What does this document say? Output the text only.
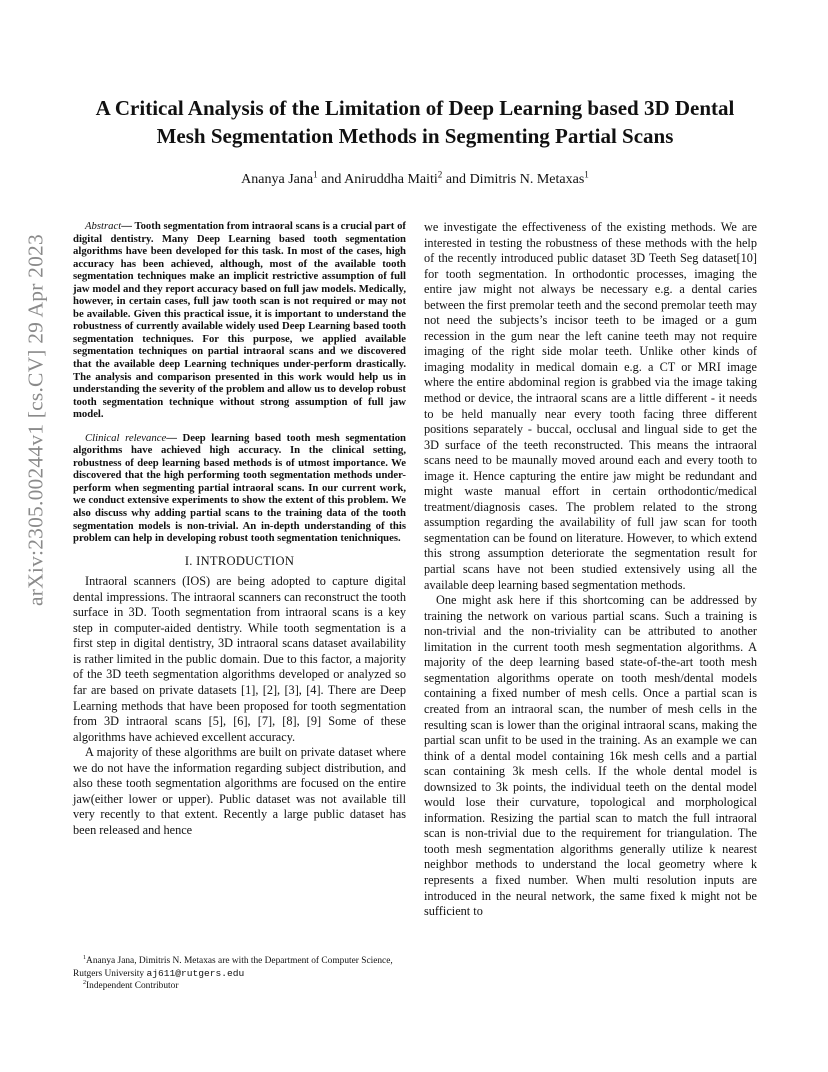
arXiv:2305.00244v1 [cs.CV] 29 Apr 2023
A Critical Analysis of the Limitation of Deep Learning based 3D Dental Mesh Segmentation Methods in Segmenting Partial Scans
Ananya Jana$^1$ and Aniruddha Maiti$^2$ and Dimitris N. Metaxas$^1$

Abstract— Tooth segmentation from intraoral scans is a crucial part of digital dentistry. Many Deep Learning based tooth segmentation algorithms have been developed for this task. In most of the cases, high accuracy has been achieved, although, most of the available tooth segmentation techniques make an implicit restrictive assumption of full jaw model and they report accuracy based on full jaw models. Medically, however, in certain cases, full jaw tooth scan is not required or may not be available. Given this practical issue, it is important to understand the robustness of currently available widely used Deep Learning based tooth segmentation techniques. For this purpose, we applied available segmentation techniques on partial intraoral scans and we discovered that the available deep Learning techniques under-perform drastically. The analysis and comparison presented in this work would help us in understanding the severity of the problem and allow us to develop robust tooth segmentation technique without strong assumption of full jaw model.

Clinical relevance— Deep learning based tooth mesh segmentation algorithms have achieved high accuracy. In the clinical setting, robustness of deep learning based methods is of utmost importance. We discovered that the high performing tooth segmentation methods under-perform when segmenting partial intraoral scans. In our current work, we conduct extensive experiments to show the extent of this problem. We also discuss why adding partial scans to the training data of the tooth segmentation models is non-trivial. An in-depth understanding of this problem can help in developing robust tooth segmentation tenichniques.

I. INTRODUCTION

Intraoral scanners (IOS) are being adopted to capture digital dental impressions. The intraoral scanners can reconstruct the tooth surface in 3D. Tooth segmentation from intraoral scans is a key step in computer-aided dentistry. While tooth segmentation is a first step in digital dentistry, 3D intraoral scans dataset availability is rather limited in the public domain. Due to this factor, a majority of the 3D teeth segmentation algorithms developed or analyzed so far are based on private datasets [1], [2], [3], [4]. There are Deep Learning methods that have been proposed for tooth segmentation from 3D intraoral scans [5], [6], [7], [8], [9] Some of these algorithms have achieved excellent accuracy.

A majority of these algorithms are built on private dataset where we do not have the information regarding subject distribution, and also these tooth segmentation algorithms are focused on the entire jaw(either lower or upper). Public dataset was not available till very recently to that extent. Recently a large public dataset has been released and hence

we investigate the effectiveness of the existing methods. We are interested in testing the robustness of these methods with the help of the recently introduced public dataset 3D Teeth Seg dataset[10] for tooth segmentation. In orthodontic processes, imaging the entire jaw might not always be necessary e.g. a dental caries between the first premolar teeth and the second premolar teeth may not need the subjects’s incisor teeth to be imaged or a gum recession in the gum near the left canine teeth may not require imaging of the right side molar teeth. Unlike other kinds of imaging modality in medical domain e.g. a CT or MRI image where the entire abdominal region is grabbed via the image taking method or device, the intraoral scans are a little different - it needs to be held manually near every tooth facing three different positions separately - buccal, occlusal and lingual side to get the 3D surface of the teeth reconstructed. This means the intraoral scans need to be maunally moved around each and every tooth to image it. Hence capturing the entire jaw might be redundant and might waste manual effort in certain orthodontic/medical treatment/diagnosis cases. The problem related to the strong assumption regarding the availability of full jaw scan for tooth segmentation can be found on literature. However, to which extend this strong assumption deteriorate the segmentation result for partial scans have not been studied extensively using all the available deep learning based segmentation methods.

One might ask here if this shortcoming can be addressed by training the network on various partial scans. Such a training is non-trivial and the non-triviality can be attributed to another limitation in the current tooth mesh segmentation algorithms. A majority of the deep learning based state-of-the-art tooth mesh segmentation algorithms operate on tooth mesh/dental models containing a fixed number of mesh cells. Once a partial scan is created from an intraoral scan, the number of mesh cells in the resulting scan is lower than the original intraoral scans, making the partial scan unfit to be used in the training. As an example we can think of a dental model containing 16k mesh cells and a partial scan containing 3k mesh cells. If the whole dental model is downsized to 3k points, the individual teeth on the dental model would lose their curvature, topological and morphological information. Resizing the partial scan to match the full intraoral scan is non-trivial due to the requirement for triangulation. The tooth mesh segmentation algorithms generally utilize k nearest neighbor methods to understand the local geometry where k represents a fixed number. When multi resolution inputs are introduced in the neural network, the same fixed k might not be sufficient to

$^1$Ananya Jana, Dimitris N. Metaxas are with the Department of Computer Science, Rutgers University aj611@rutgers.edu

$^2$Independent Contributor
